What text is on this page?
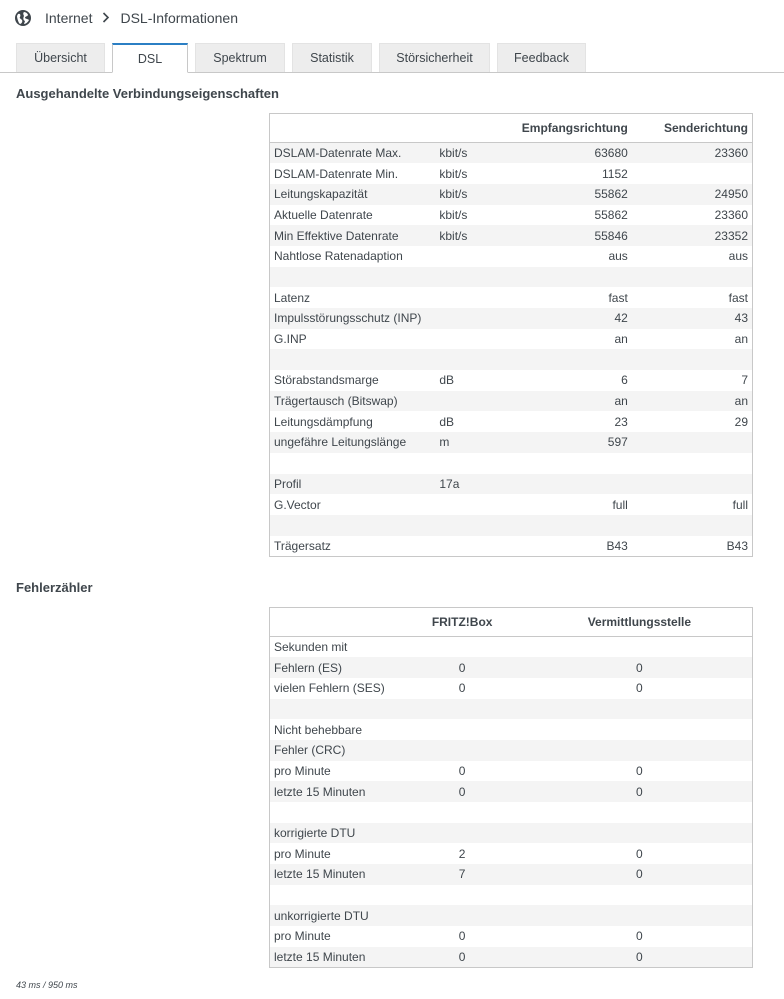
Internet DSL-Informationen
Übersicht	DSL	Spektrum	Statistik	Störsicherheit	Feedback
Ausgehandelte Verbindungseigenschaften
		Empfangsrichtung	Senderichtung
DSLAM-Datenrate Max.	kbit/s	63680	23360
DSLAM-Datenrate Min.	kbit/s	1152	
Leitungskapazität	kbit/s	55862	24950
Aktuelle Datenrate	kbit/s	55862	23360
Min Effektive Datenrate	kbit/s	55846	23352
Nahtlose Ratenadaption		aus	aus

Latenz		fast	fast
Impulsstörungsschutz (INP)		42	43
G.INP		an	an

Störabstandsmarge	dB	6	7
Trägertausch (Bitswap)		an	an
Leitungsdämpfung	dB	23	29
ungefähre Leitungslänge	m	597	

Profil	17a		
G.Vector		full	full

Trägersatz		B43	B43
Fehlerzähler
	FRITZ!Box	Vermittlungsstelle	
Sekunden mit			
Fehlern (ES)	0	0	
vielen Fehlern (SES)	0	0	

Nicht behebbare			
Fehler (CRC)			
pro Minute	0	0	
letzte 15 Minuten	0	0	

korrigierte DTU			
pro Minute	2	0	
letzte 15 Minuten	7	0	

unkorrigierte DTU			
pro Minute	0	0	
letzte 15 Minuten	0	0	
43 ms / 950 ms
